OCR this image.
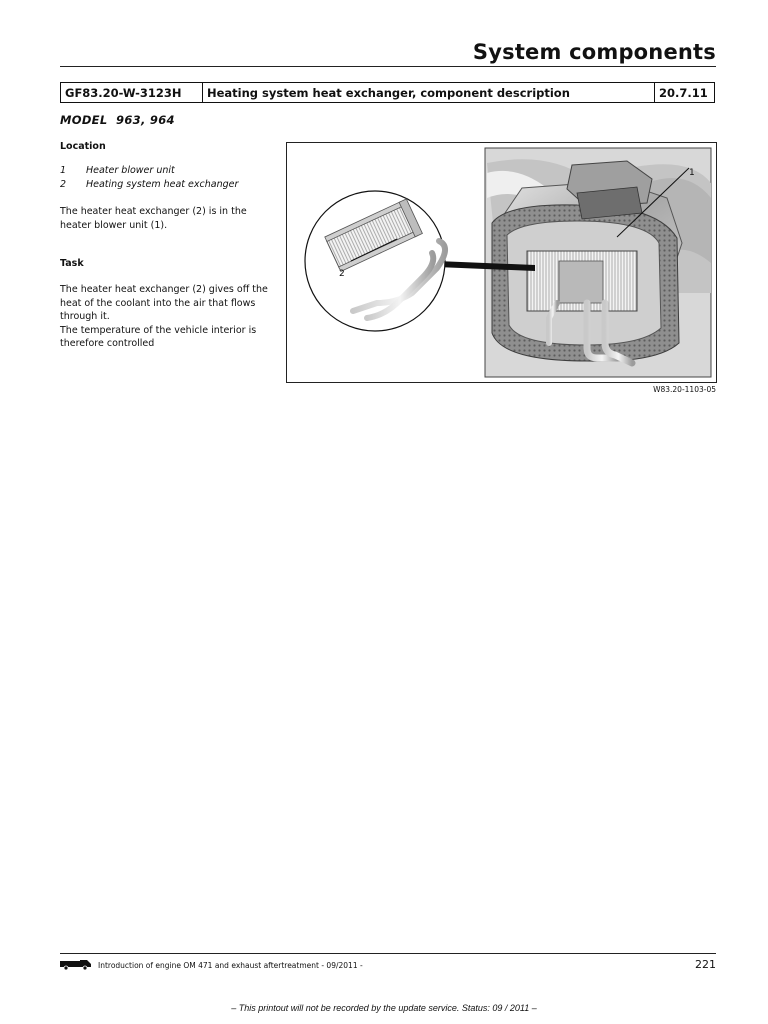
System components
GF83.20-W-3123H	Heating system heat exchanger, component description	20.7.11
MODEL  963, 964
Location
1	Heater blower unit
2	Heating system heat exchanger
The heater heat exchanger (2) is in the heater blower unit (1).
Task
The heater heat exchanger (2) gives off the heat of the coolant into the air that flows through it.
The temperature of the vehicle interior is therefore controlled
1
2
W83.20-1103-05
Introduction of engine OM 471 and exhaust aftertreatment - 09/2011 -	221
– This printout will not be recorded by the update service. Status: 09 / 2011 –
